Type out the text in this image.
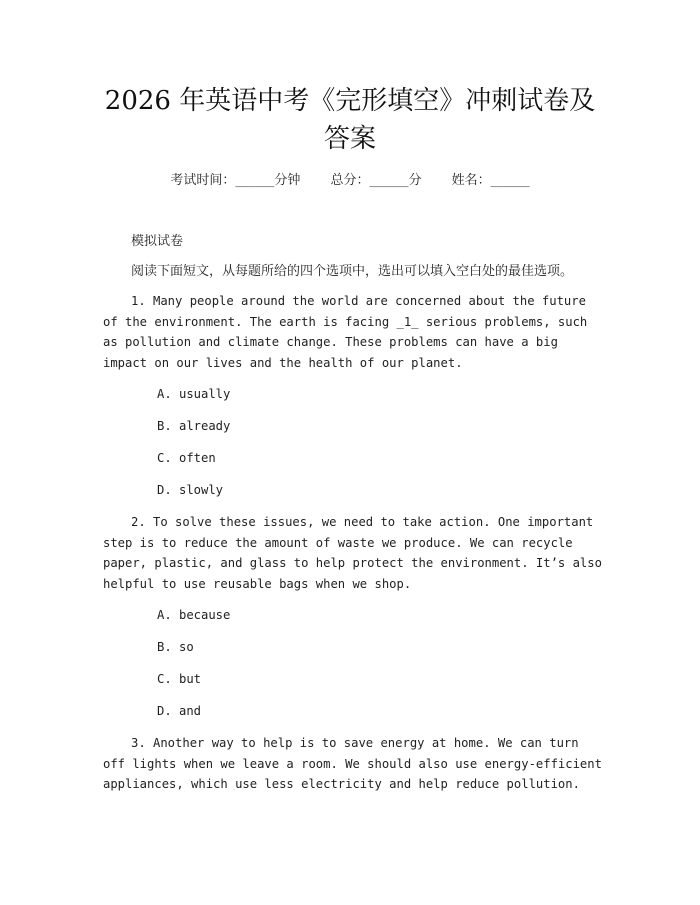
2026 年英语中考《完形填空》冲刺试卷及答案
考试时间：______分钟 总分：______分 姓名：______
模拟试卷
阅读下面短文，从每题所给的四个选项中，选出可以填入空白处的最佳选项。
1. Many people around the world are concerned about the future of the environment. The earth is facing _1_ serious problems, such as pollution and climate change. These problems can have a big impact on our lives and the health of our planet.
A. usually
B. already
C. often
D. slowly
2. To solve these issues, we need to take action. One important step is to reduce the amount of waste we produce. We can recycle paper, plastic, and glass to help protect the environment. It’s also helpful to use reusable bags when we shop.
A. because
B. so
C. but
D. and
3. Another way to help is to save energy at home. We can turn off lights when we leave a room. We should also use energy-efficient appliances, which use less electricity and help reduce pollution.
